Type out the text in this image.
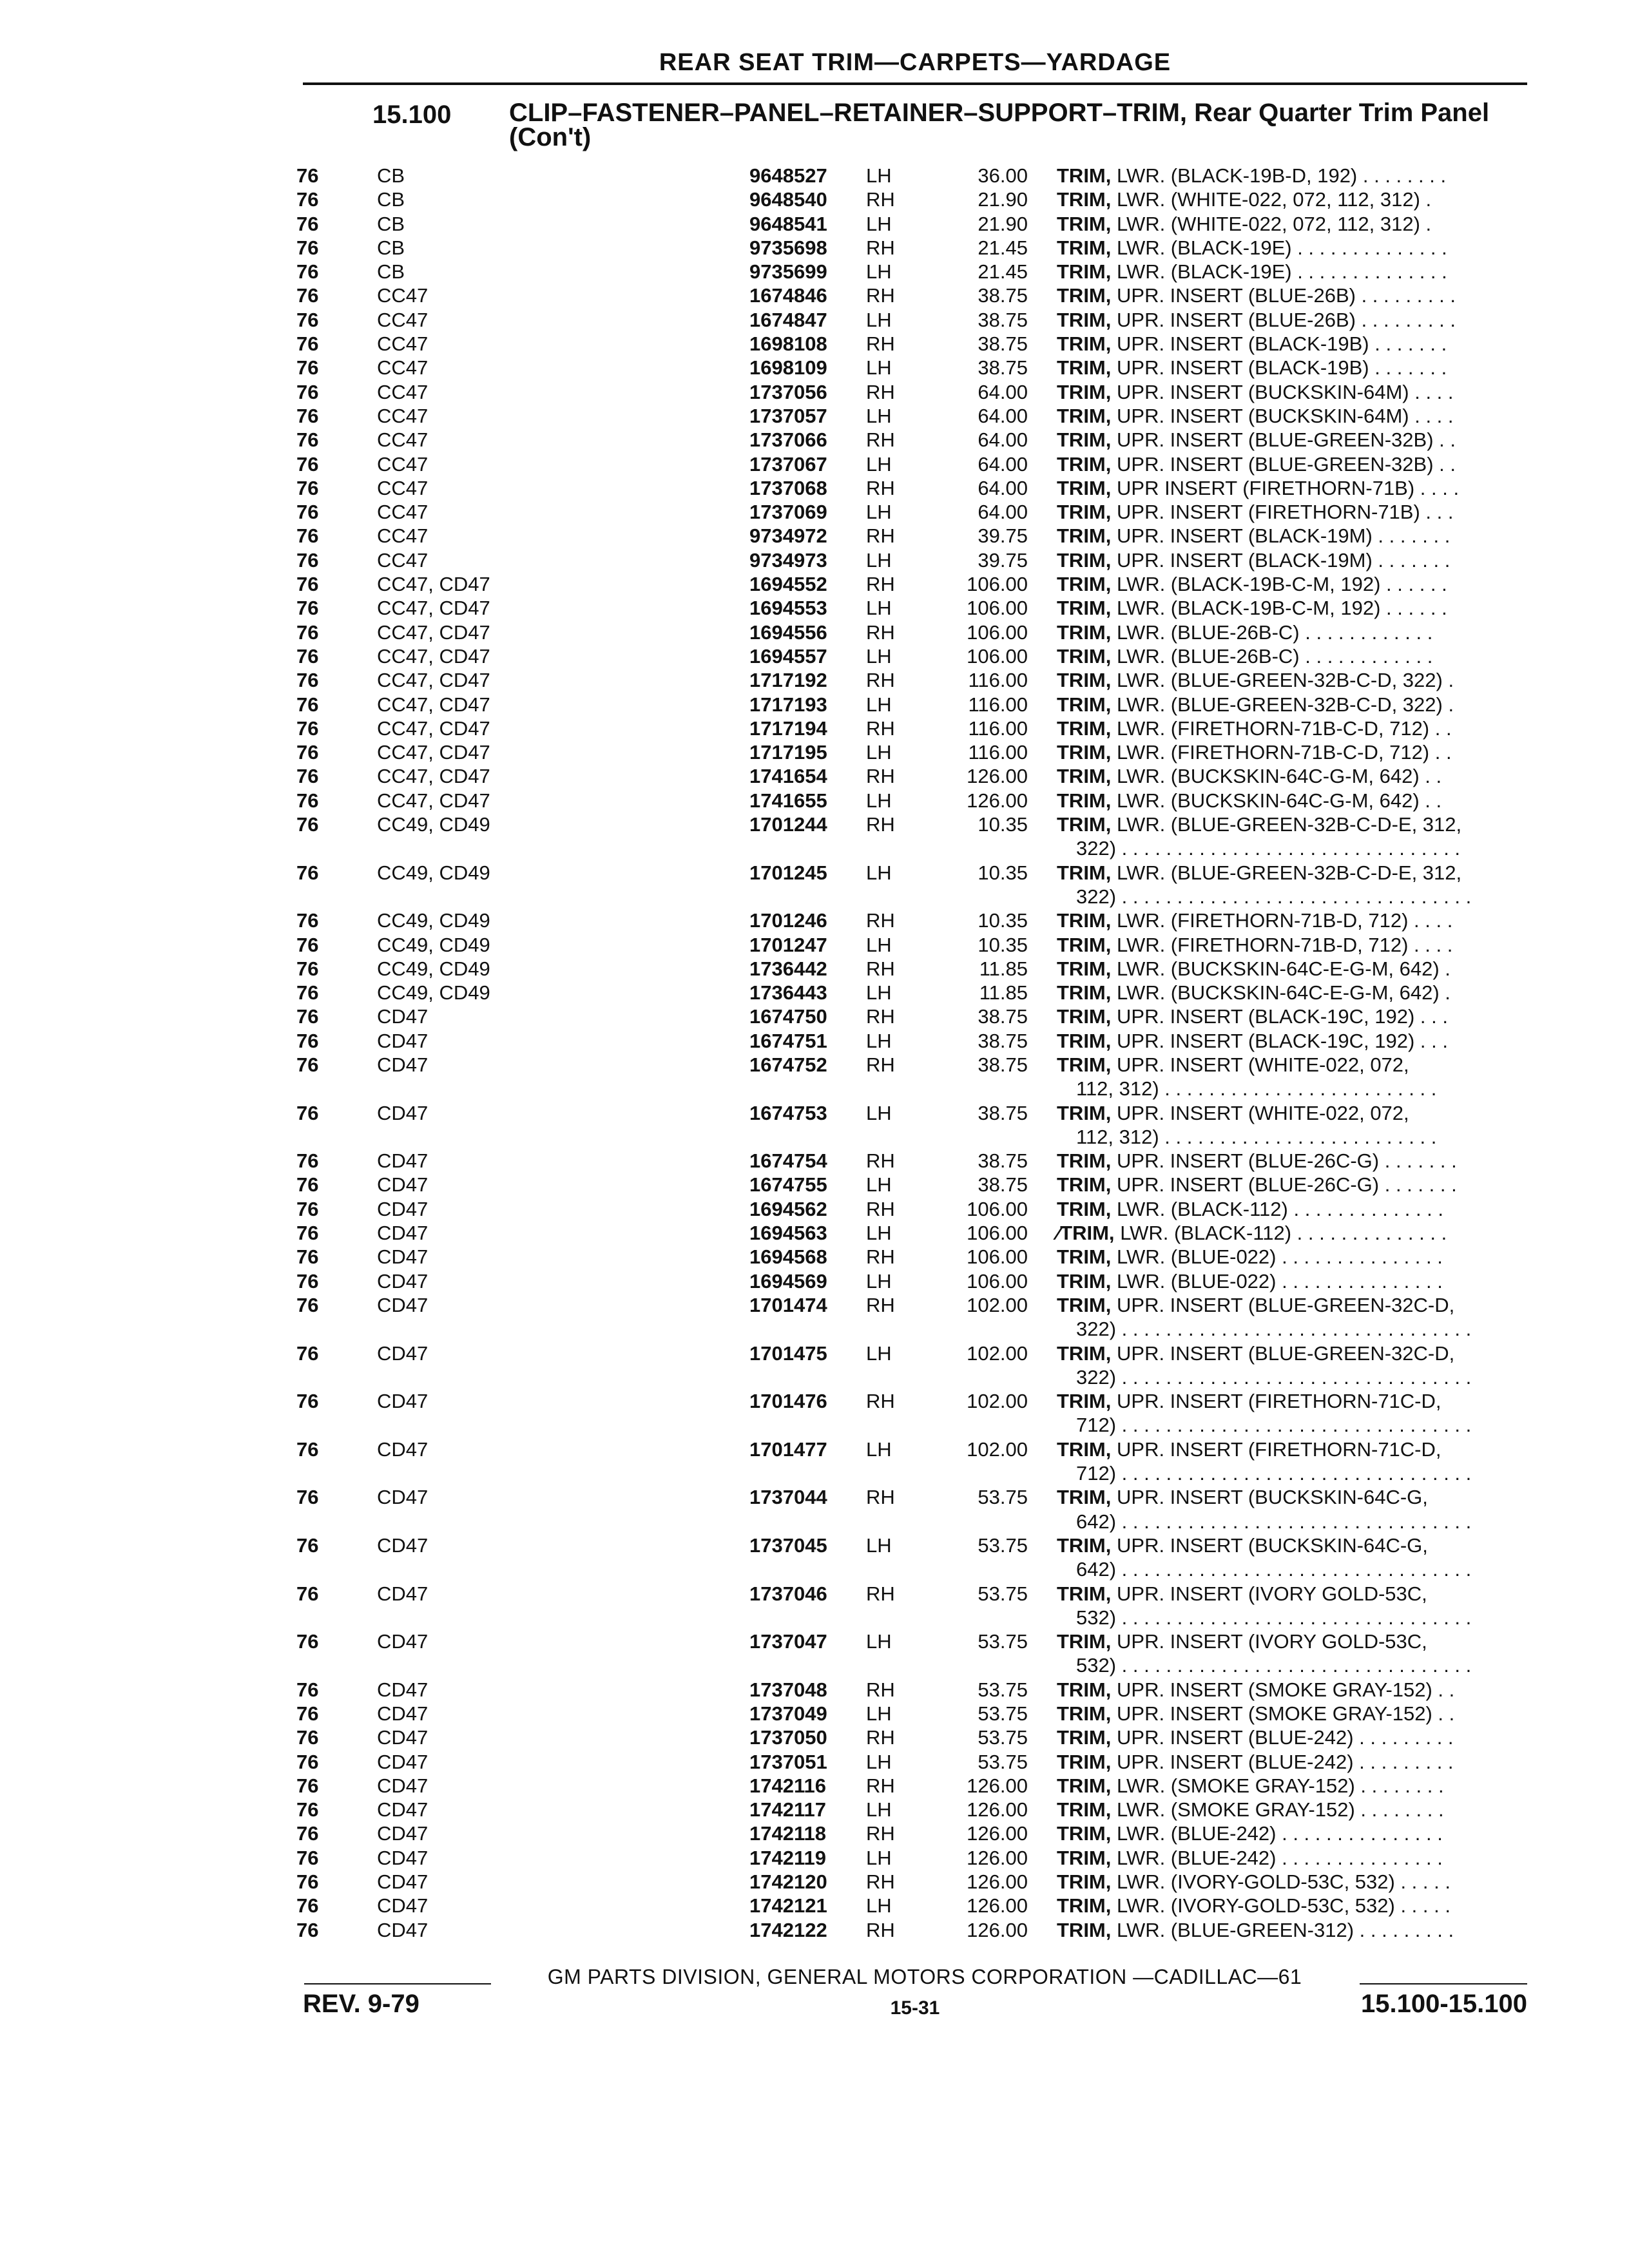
REAR SEAT TRIM—CARPETS—YARDAGE
15.100 CLIP–FASTENER–PANEL–RETAINER–SUPPORT–TRIM, Rear Quarter Trim Panel (Con't)
76	CB . . .	9648527	LH	36.00 TRIM, LWR. (BLACK-19B-D, 192) . . . . . . . .
76	CB . . .	9648540	RH	21.90 TRIM, LWR. (WHITE-022, 072, 112, 312) .
76	CB . . .	9648541	LH	21.90 TRIM, LWR. (WHITE-022, 072, 112, 312) .
76	CB . . .	9735698	RH	21.45 TRIM, LWR. (BLACK-19E) . . . . . . . . . . . . . .
76	CB . . .	9735699	LH	21.45 TRIM, LWR. (BLACK-19E) . . . . . . . . . . . . . .
76	CC47 . . .	1674846	RH	38.75 TRIM, UPR. INSERT (BLUE-26B) . . . . . . . . .
76	CC47 . . .	1674847	LH	38.75 TRIM, UPR. INSERT (BLUE-26B) . . . . . . . . .
76	CC47 . . .	1698108	RH	38.75 TRIM, UPR. INSERT (BLACK-19B) . . . . . . .
76	CC47 . . .	1698109	LH	38.75 TRIM, UPR. INSERT (BLACK-19B) . . . . . . .
76	CC47 . . .	1737056	RH	64.00 TRIM, UPR. INSERT (BUCKSKIN-64M) . . . .
76	CC47 . . .	1737057	LH	64.00 TRIM, UPR. INSERT (BUCKSKIN-64M) . . . .
76	CC47 . . .	1737066	RH	64.00 TRIM, UPR. INSERT (BLUE-GREEN-32B) . .
76	CC47 . . .	1737067	LH	64.00 TRIM, UPR. INSERT (BLUE-GREEN-32B) . .
76	CC47 . . .	1737068	RH	64.00 TRIM, UPR INSERT (FIRETHORN-71B) . . . .
76	CC47 . . .	1737069	LH	64.00 TRIM, UPR. INSERT (FIRETHORN-71B) . . .
76	CC47 . . .	9734972	RH	39.75 TRIM, UPR. INSERT (BLACK-19M) . . . . . . .
76	CC47 . . .	9734973	LH	39.75 TRIM, UPR. INSERT (BLACK-19M) . . . . . . .
76	CC47, CD47 . . .	1694552	RH	106.00 TRIM, LWR. (BLACK-19B-C-M, 192) . . . . . .
76	CC47, CD47 . . .	1694553	LH	106.00 TRIM, LWR. (BLACK-19B-C-M, 192) . . . . . .
76	CC47, CD47 . . .	1694556	RH	106.00 TRIM, LWR. (BLUE-26B-C) . . . . . . . . . . . .
76	CC47, CD47 . . .	1694557	LH	106.00 TRIM, LWR. (BLUE-26B-C) . . . . . . . . . . . .
76	CC47, CD47 . . .	1717192	RH	116.00 TRIM, LWR. (BLUE-GREEN-32B-C-D, 322) .
76	CC47, CD47 . . .	1717193	LH	116.00 TRIM, LWR. (BLUE-GREEN-32B-C-D, 322) .
76	CC47, CD47 . . .	1717194	RH	116.00 TRIM, LWR. (FIRETHORN-71B-C-D, 712) . .
76	CC47, CD47 . . .	1717195	LH	116.00 TRIM, LWR. (FIRETHORN-71B-C-D, 712) . .
76	CC47, CD47 . . .	1741654	RH	126.00 TRIM, LWR. (BUCKSKIN-64C-G-M, 642) . .
76	CC47, CD47 . . .	1741655	LH	126.00 TRIM, LWR. (BUCKSKIN-64C-G-M, 642) . .
76	CC49, CD49 . . .	1701244	RH	10.35 TRIM, LWR. (BLUE-GREEN-32B-C-D-E, 312,
322) . . . . . . . . . . . . . . . . . . . . . . . . . . . . . . .
76	CC49, CD49 . . .	1701245	LH	10.35 TRIM, LWR. (BLUE-GREEN-32B-C-D-E, 312,
322) . . . . . . . . . . . . . . . . . . . . . . . . . . . . . . . .
76	CC49, CD49 . . .	1701246	RH	10.35 TRIM, LWR. (FIRETHORN-71B-D, 712) . . . .
76	CC49, CD49 . . .	1701247	LH	10.35 TRIM, LWR. (FIRETHORN-71B-D, 712) . . . .
76	CC49, CD49 . . .	1736442	RH	11.85 TRIM, LWR. (BUCKSKIN-64C-E-G-M, 642) .
76	CC49, CD49 . . .	1736443	LH	11.85 TRIM, LWR. (BUCKSKIN-64C-E-G-M, 642) .
76	CD47 . . .	1674750	RH	38.75 TRIM, UPR. INSERT (BLACK-19C, 192) . . .
76	CD47 . . .	1674751	LH	38.75 TRIM, UPR. INSERT (BLACK-19C, 192) . . .
76	CD47 . . .	1674752	RH	38.75 TRIM, UPR. INSERT (WHITE-022, 072,
112, 312) . . . . . . . . . . . . . . . . . . . . . . . . .
76	CD47 . . .	1674753	LH	38.75 TRIM, UPR. INSERT (WHITE-022, 072,
112, 312) . . . . . . . . . . . . . . . . . . . . . . . . .
76	CD47 . . .	1674754	RH	38.75 TRIM, UPR. INSERT (BLUE-26C-G) . . . . . . .
76	CD47 . . .	1674755	LH	38.75 TRIM, UPR. INSERT (BLUE-26C-G) . . . . . . .
76	CD47 . . .	1694562	RH	106.00 TRIM, LWR. (BLACK-112) . . . . . . . . . . . . . .
76	CD47 . . .	1694563	LH	106.00 ⁄TRIM, LWR. (BLACK-112) . . . . . . . . . . . . . .
76	CD47 . . .	1694568	RH	106.00 TRIM, LWR. (BLUE-022) . . . . . . . . . . . . . . .
76	CD47 . . .	1694569	LH	106.00 TRIM, LWR. (BLUE-022) . . . . . . . . . . . . . . .
76	CD47 . . .	1701474	RH	102.00 TRIM, UPR. INSERT (BLUE-GREEN-32C-D,
322) . . . . . . . . . . . . . . . . . . . . . . . . . . . . . . . .
76	CD47 . . .	1701475	LH	102.00 TRIM, UPR. INSERT (BLUE-GREEN-32C-D,
322) . . . . . . . . . . . . . . . . . . . . . . . . . . . . . . . .
76	CD47 . . .	1701476	RH	102.00 TRIM, UPR. INSERT (FIRETHORN-71C-D,
712) . . . . . . . . . . . . . . . . . . . . . . . . . . . . . . . .
76	CD47 . . .	1701477	LH	102.00 TRIM, UPR. INSERT (FIRETHORN-71C-D,
712) . . . . . . . . . . . . . . . . . . . . . . . . . . . . . . . .
76	CD47 . . .	1737044	RH	53.75 TRIM, UPR. INSERT (BUCKSKIN-64C-G,
642) . . . . . . . . . . . . . . . . . . . . . . . . . . . . . . . .
76	CD47 . . .	1737045	LH	53.75 TRIM, UPR. INSERT (BUCKSKIN-64C-G,
642) . . . . . . . . . . . . . . . . . . . . . . . . . . . . . . . .
76	CD47 . . .	1737046	RH	53.75 TRIM, UPR. INSERT (IVORY GOLD-53C,
532) . . . . . . . . . . . . . . . . . . . . . . . . . . . . . . . .
76	CD47 . . .	1737047	LH	53.75 TRIM, UPR. INSERT (IVORY GOLD-53C,
532) . . . . . . . . . . . . . . . . . . . . . . . . . . . . . . . .
76	CD47 . . .	1737048	RH	53.75 TRIM, UPR. INSERT (SMOKE GRAY-152) . .
76	CD47 . . .	1737049	LH	53.75 TRIM, UPR. INSERT (SMOKE GRAY-152) . .
76	CD47 . . .	1737050	RH	53.75 TRIM, UPR. INSERT (BLUE-242) . . . . . . . . .
76	CD47 . . .	1737051	LH	53.75 TRIM, UPR. INSERT (BLUE-242) . . . . . . . . .
76	CD47 . . .	1742116	RH	126.00 TRIM, LWR. (SMOKE GRAY-152) . . . . . . . .
76	CD47 . . .	1742117	LH	126.00 TRIM, LWR. (SMOKE GRAY-152) . . . . . . . .
76	CD47 . . .	1742118	RH	126.00 TRIM, LWR. (BLUE-242) . . . . . . . . . . . . . . .
76	CD47 . . .	1742119	LH	126.00 TRIM, LWR. (BLUE-242) . . . . . . . . . . . . . . .
76	CD47 . . .	1742120	RH	126.00 TRIM, LWR. (IVORY-GOLD-53C, 532) . . . . .
76	CD47 . . .	1742121	LH	126.00 TRIM, LWR. (IVORY-GOLD-53C, 532) . . . . .
76	CD47 . . .	1742122	RH	126.00 TRIM, LWR. (BLUE-GREEN-312) . . . . . . . . .
GM PARTS DIVISION, GENERAL MOTORS CORPORATION —CADILLAC—61
REV. 9-79	15-31	15.100-15.100
